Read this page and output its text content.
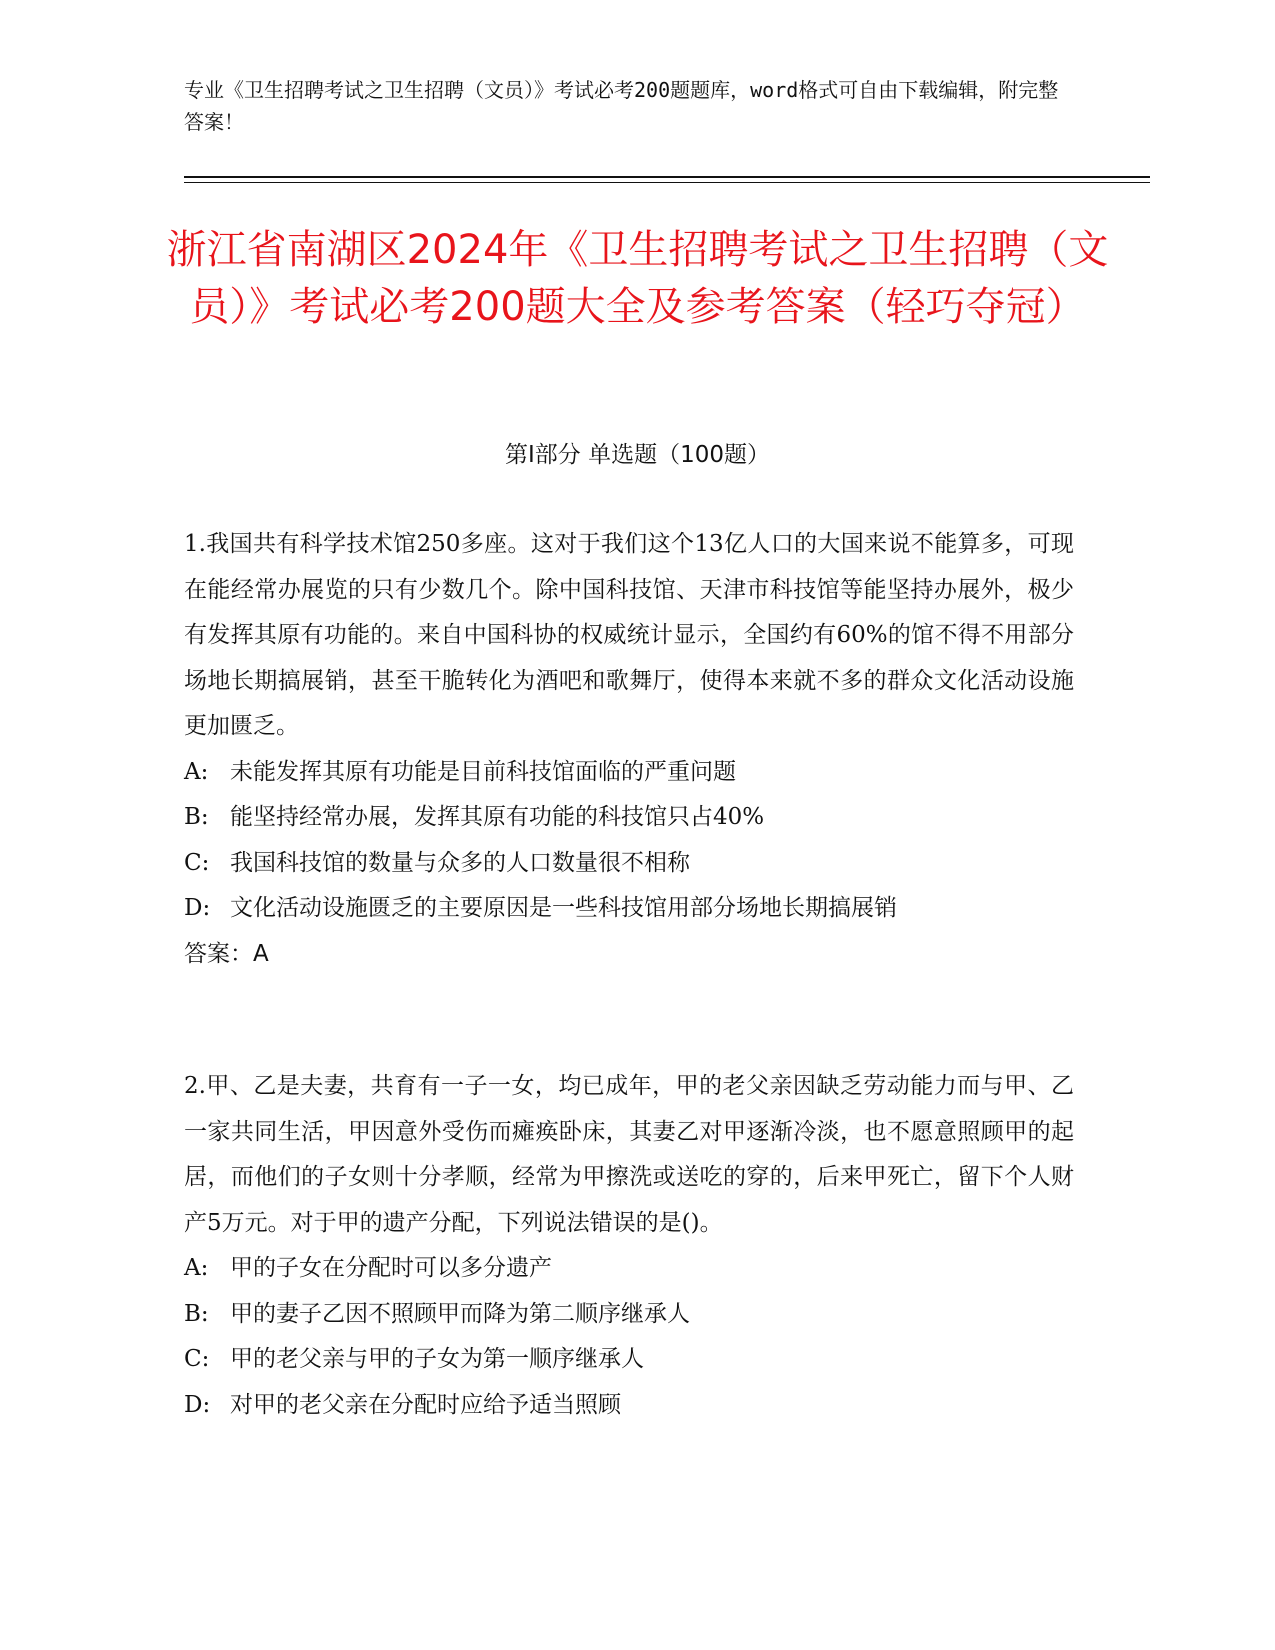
专业《卫生招聘考试之卫生招聘（文员）》考试必考200题题库，word格式可自由下载编辑，附完整答案！
浙江省南湖区2024年《卫生招聘考试之卫生招聘（文员）》考试必考200题大全及参考答案（轻巧夺冠）
第I部分 单选题（100题）

1.我国共有科学技术馆250多座。这对于我们这个13亿人口的大国来说不能算多，可现在能经常办展览的只有少数几个。除中国科技馆、天津市科技馆等能坚持办展外，极少有发挥其原有功能的。来自中国科协的权威统计显示，全国约有60%的馆不得不用部分场地长期搞展销，甚至干脆转化为酒吧和歌舞厅，使得本来就不多的群众文化活动设施更加匮乏。

A: 未能发挥其原有功能是目前科技馆面临的严重问题

B: 能坚持经常办展，发挥其原有功能的科技馆只占40%

C: 我国科技馆的数量与众多的人口数量很不相称

D: 文化活动设施匮乏的主要原因是一些科技馆用部分场地长期搞展销

答案：A

2.甲、乙是夫妻，共育有一子一女，均已成年，甲的老父亲因缺乏劳动能力而与甲、乙一家共同生活，甲因意外受伤而瘫痪卧床，其妻乙对甲逐渐冷淡，也不愿意照顾甲的起居，而他们的子女则十分孝顺，经常为甲擦洗或送吃的穿的，后来甲死亡，留下个人财产5万元。对于甲的遗产分配，下列说法错误的是()。

A: 甲的子女在分配时可以多分遗产

B: 甲的妻子乙因不照顾甲而降为第二顺序继承人

C: 甲的老父亲与甲的子女为第一顺序继承人

D: 对甲的老父亲在分配时应给予适当照顾
